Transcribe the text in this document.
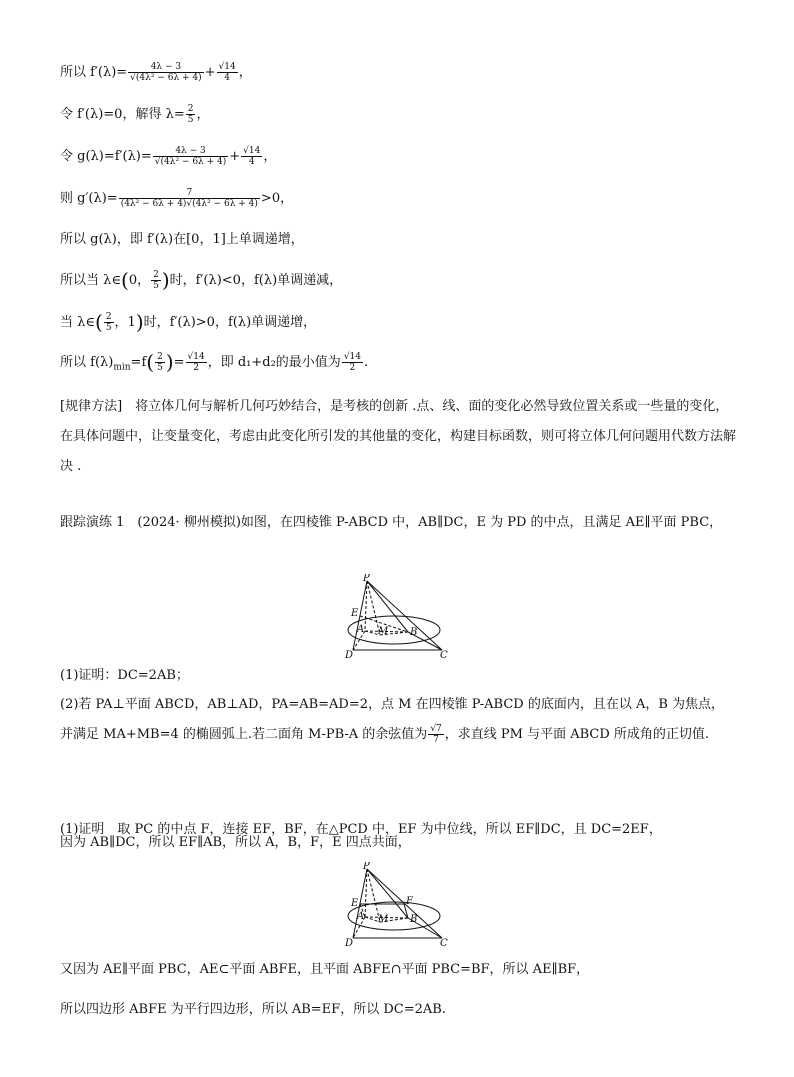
所以 $f'(\lambda)= \frac{4\lambda - 3}{\text{√(4λ² − 6λ + 4)}} + \frac{√14}{4}$ ，
令 f′(λ)=0，解得 $\lambda= \frac{2}{5}$ ，
令 $g(\lambda)=f'(\lambda)= \frac{4\lambda - 3}{\text{√(4λ² − 6λ + 4)}} + \frac{√14}{4}$ ，
则 $g'(\lambda)= \frac{7}{\text{(4λ² − 6λ + 4)√(4λ² − 6λ + 4)}} >0$，
所以 g(λ)，即 f′(λ)在[0，1]上单调递增，
所以当 λ∈(0， $\frac{2}{5}$ )时，f′(λ)<0，f(λ)单调递减，
当 λ∈( $\frac{2}{5}$ ，1)时，f′(λ)>0，f(λ)单调递增，
所以 $f(\lambda)_{min}=f( \frac{2}{5}$ )= $\frac{√14}{2}$ ，即 d₁+d₂的最小值为 $\frac{√14}{2}$ .
[规律方法]　将立体几何与解析几何巧妙结合，是考核的创新 .点、线、面的变化必然导致位置关系或一些量的变化，在具体问题中，让变量变化，考虑由此变化所引发的其他量的变化，构建目标函数，则可将立体几何问题用代数方法解决 .
跟踪演练 1　(2024· 柳州模拟)如图，在四棱锥 P-ABCD 中，AB∥DC，E 为 PD 的中点，且满足 AE∥平面 PBC，
P
E
A M B
D	C
(1)证明：DC=2AB；
(2)若 PA⊥平面 ABCD，AB⊥AD，PA=AB=AD=2，点 M 在四棱锥 P-ABCD 的底面内，且在以 A，B 为焦点，并满足 MA+MB=4 的椭圆弧上.若二面角 M-PB-A 的余弦值为 $\frac{√7}{7}$ ，求直线 PM 与平面 ABCD 所成角的正切值.
(1)证明　取 PC 的中点 F，连接 EF，BF，在△PCD 中，EF 为中位线，所以 EF∥DC，且 DC=2EF，
因为 AB∥DC，所以 EF∥AB，所以 A，B，F，E 四点共面，
P
E	F
A M B
D	C
又因为 AE∥平面 PBC，AE⊂平面 ABFE，且平面 ABFE∩平面 PBC=BF，所以 AE∥BF，
所以四边形 ABFE 为平行四边形，所以 AB=EF，所以 DC=2AB.
